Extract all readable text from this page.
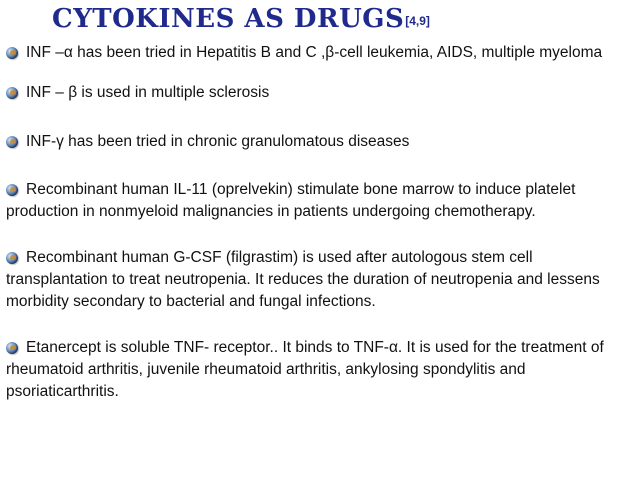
CYTOKINES AS DRUGS[4,9]
INF –α has been tried in Hepatitis B and C ,β-cell leukemia, AIDS, multiple myeloma
INF – β is used in multiple sclerosis
INF-γ has been tried in chronic granulomatous diseases
Recombinant human IL-11 (oprelvekin) stimulate bone marrow to induce platelet production in nonmyeloid malignancies in patients undergoing chemotherapy.
Recombinant human G-CSF (filgrastim) is used after autologous stem cell transplantation to treat neutropenia. It reduces the duration of neutropenia and lessens morbidity secondary to bacterial and fungal infections.
Etanercept is soluble TNF- receptor.. It binds to TNF-α. It is used for the treatment of rheumatoid arthritis, juvenile rheumatoid arthritis, ankylosing spondylitis and psoriaticarthritis.
